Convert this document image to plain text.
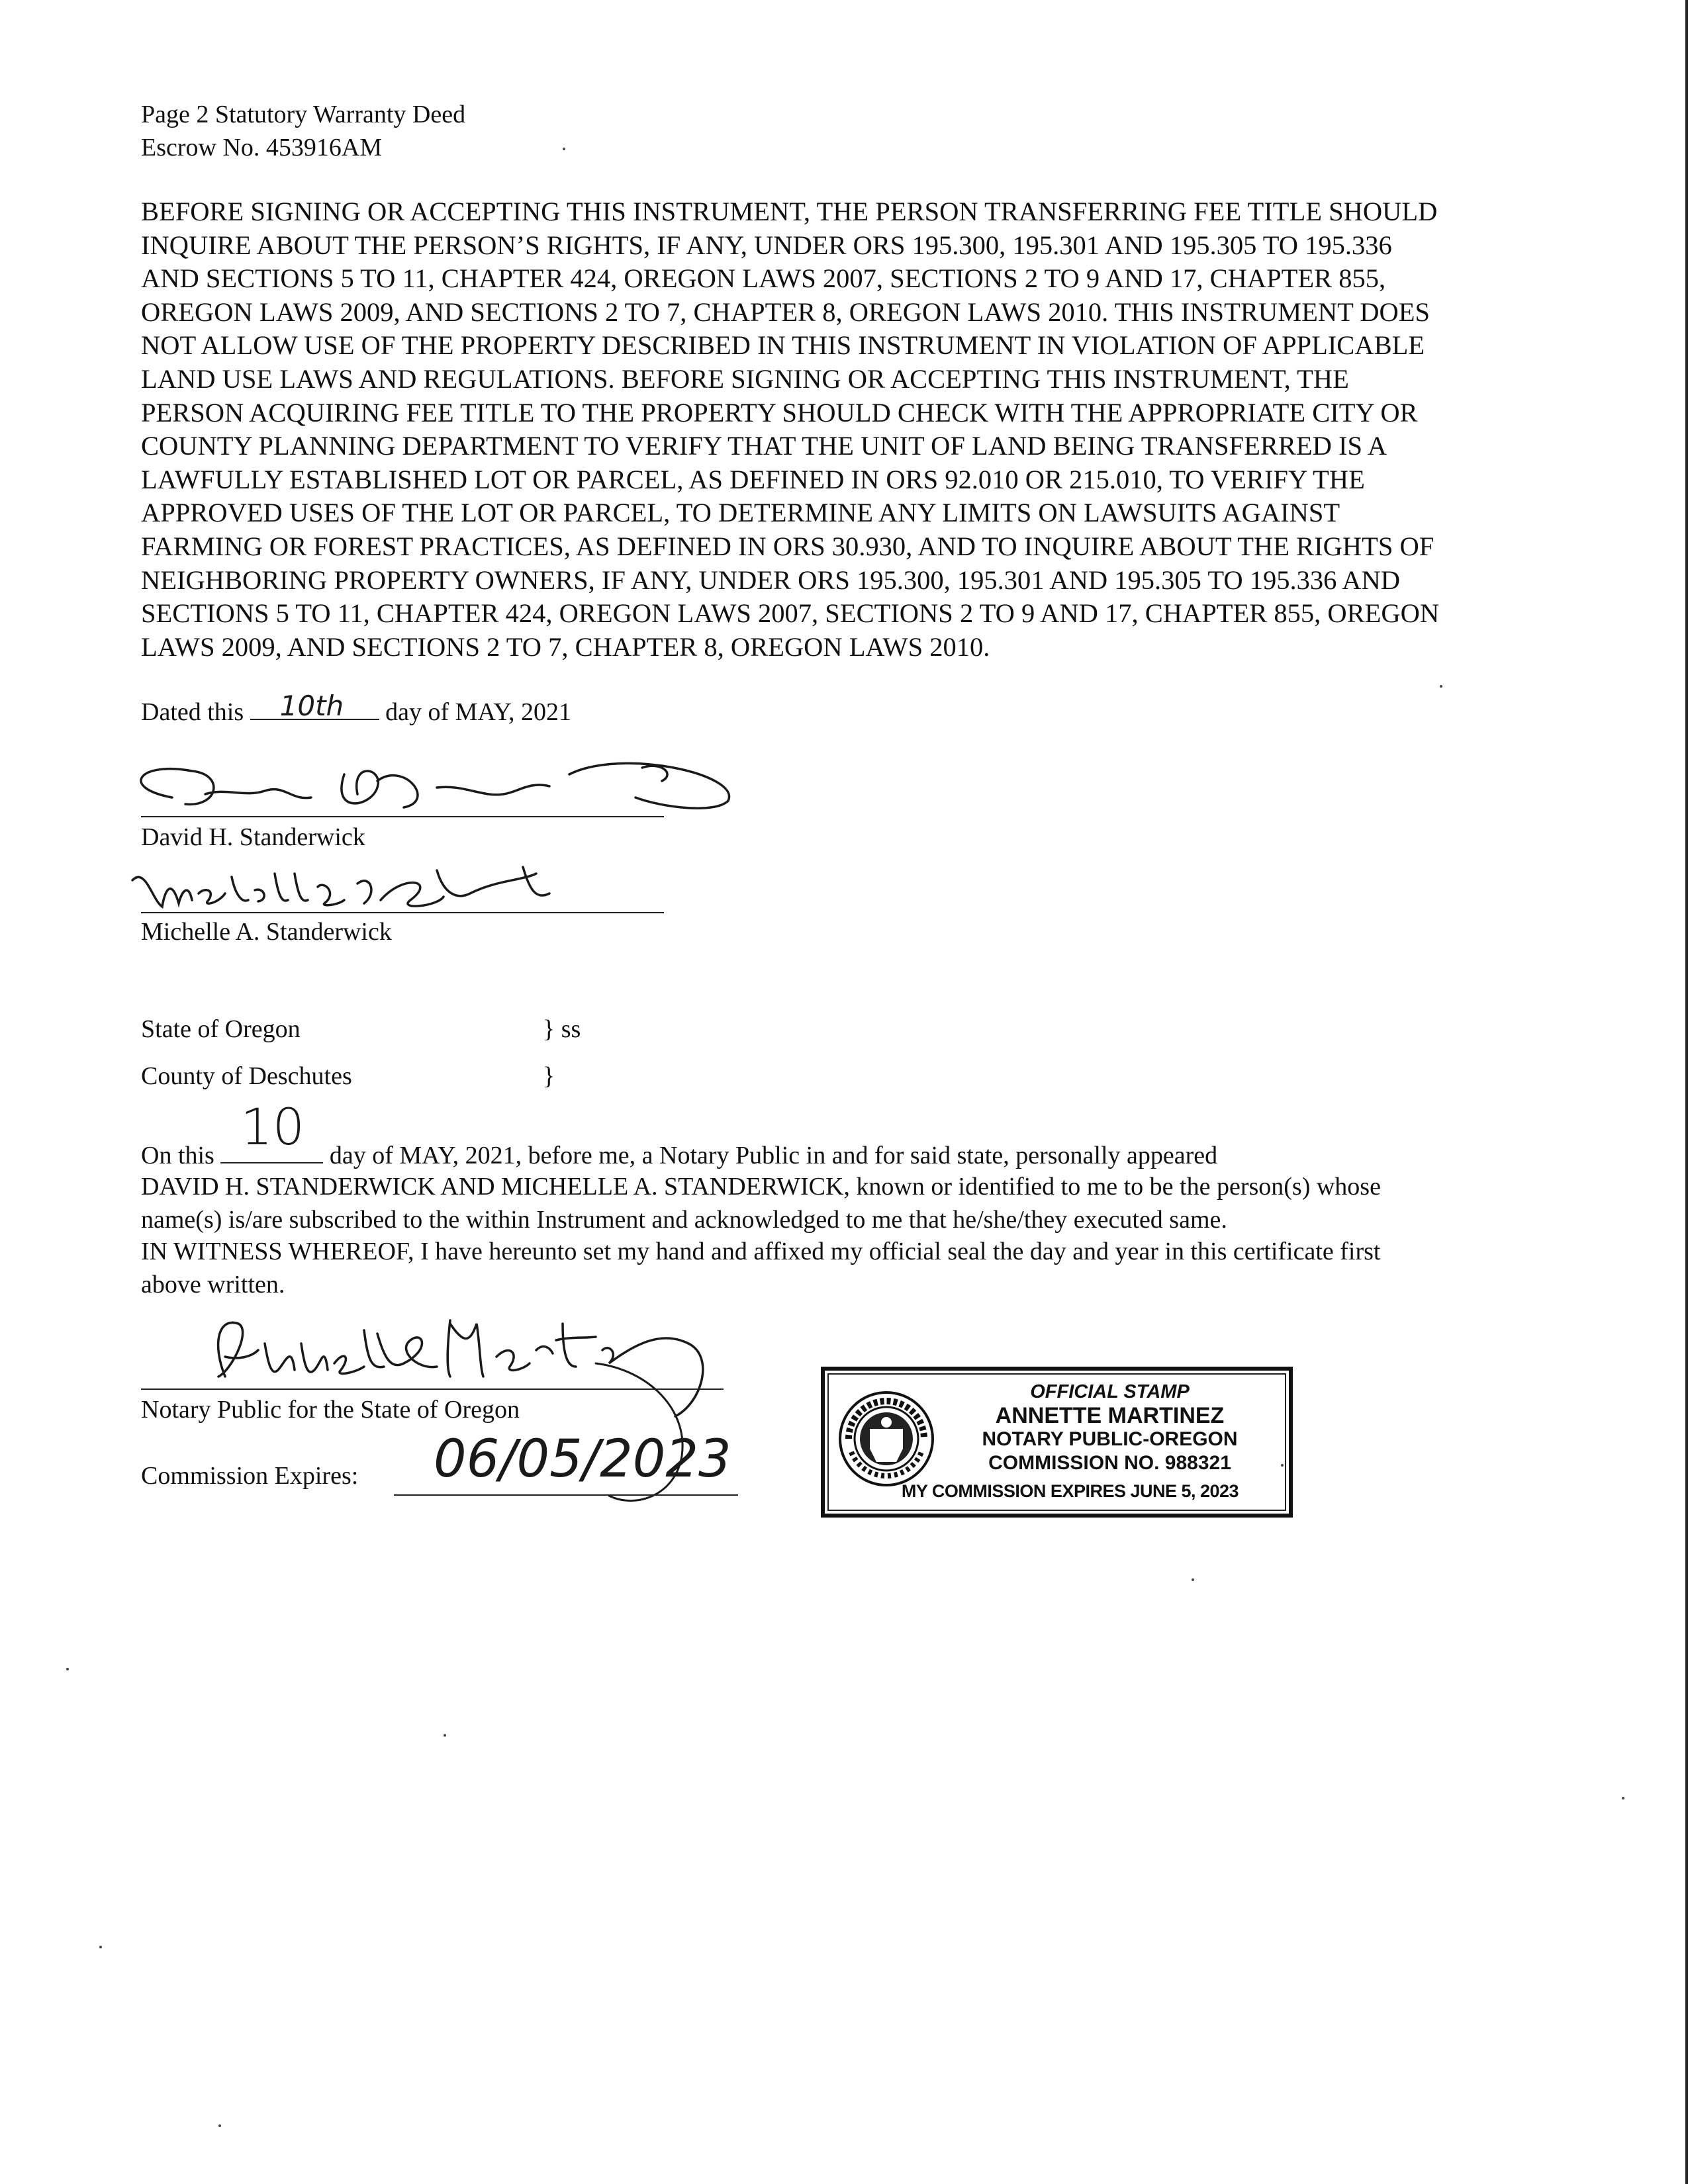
Page 2 Statutory Warranty Deed
Escrow No. 453916AM
BEFORE SIGNING OR ACCEPTING THIS INSTRUMENT, THE PERSON TRANSFERRING FEE TITLE SHOULD
INQUIRE ABOUT THE PERSON’S RIGHTS, IF ANY, UNDER ORS 195.300, 195.301 AND 195.305 TO 195.336
AND SECTIONS 5 TO 11, CHAPTER 424, OREGON LAWS 2007, SECTIONS 2 TO 9 AND 17, CHAPTER 855,
OREGON LAWS 2009, AND SECTIONS 2 TO 7, CHAPTER 8, OREGON LAWS 2010. THIS INSTRUMENT DOES
NOT ALLOW USE OF THE PROPERTY DESCRIBED IN THIS INSTRUMENT IN VIOLATION OF APPLICABLE
LAND USE LAWS AND REGULATIONS. BEFORE SIGNING OR ACCEPTING THIS INSTRUMENT, THE
PERSON ACQUIRING FEE TITLE TO THE PROPERTY SHOULD CHECK WITH THE APPROPRIATE CITY OR
COUNTY PLANNING DEPARTMENT TO VERIFY THAT THE UNIT OF LAND BEING TRANSFERRED IS A
LAWFULLY ESTABLISHED LOT OR PARCEL, AS DEFINED IN ORS 92.010 OR 215.010, TO VERIFY THE
APPROVED USES OF THE LOT OR PARCEL, TO DETERMINE ANY LIMITS ON LAWSUITS AGAINST
FARMING OR FOREST PRACTICES, AS DEFINED IN ORS 30.930, AND TO INQUIRE ABOUT THE RIGHTS OF
NEIGHBORING PROPERTY OWNERS, IF ANY, UNDER ORS 195.300, 195.301 AND 195.305 TO 195.336 AND
SECTIONS 5 TO 11, CHAPTER 424, OREGON LAWS 2007, SECTIONS 2 TO 9 AND 17, CHAPTER 855, OREGON
LAWS 2009, AND SECTIONS 2 TO 7, CHAPTER 8, OREGON LAWS 2010.
Dated this 10th day of MAY, 2021
David H. Standerwick
Michelle A. Standerwick
State of Oregon	} ss
County of Deschutes	}
On this 10 day of MAY, 2021, before me, a Notary Public in and for said state, personally appeared
DAVID H. STANDERWICK AND MICHELLE A. STANDERWICK, known or identified to me to be the person(s) whose
name(s) is/are subscribed to the within Instrument and acknowledged to me that he/she/they executed same.
IN WITNESS WHEREOF, I have hereunto set my hand and affixed my official seal the day and year in this certificate first
above written.
Notary Public for the State of Oregon
Commission Expires: 06/05/2023
OFFICIAL STAMP
ANNETTE MARTINEZ
NOTARY PUBLIC-OREGON
COMMISSION NO. 988321
MY COMMISSION EXPIRES JUNE 5, 2023
